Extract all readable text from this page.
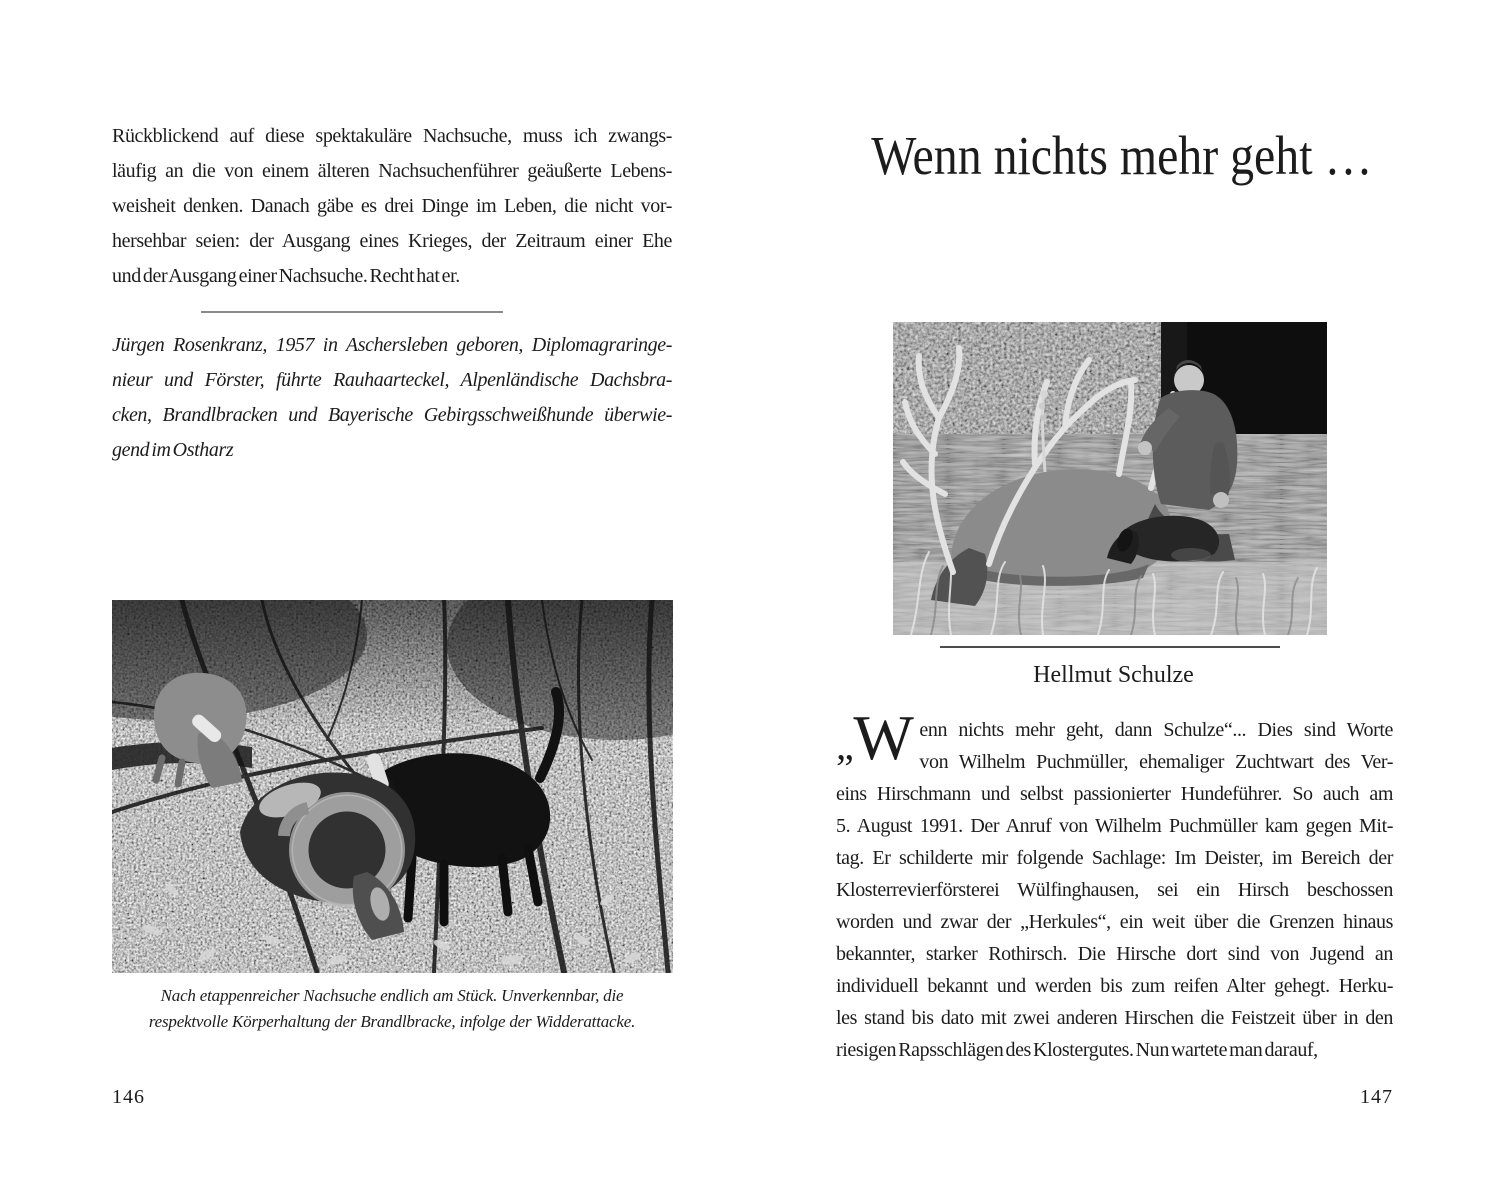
Rückblickend auf diese spektakuläre Nachsuche, muss ich zwangs-
läufig an die von einem älteren Nachsuchenführer geäußerte Lebens-
weisheit denken. Danach gäbe es drei Dinge im Leben, die nicht vor-
hersehbar seien: der Ausgang eines Krieges, der Zeitraum einer Ehe
und der Ausgang einer Nachsuche. Recht hat er.
Jürgen Rosenkranz, 1957 in Aschersleben geboren, Diplomagraringe-
nieur und Förster, führte Rauhaarteckel, Alpenländische Dachsbra-
cken, Brandlbracken und Bayerische Gebirgsschweißhunde überwie-
gend im Ostharz
Nach etappenreicher Nachsuche endlich am Stück. Unverkennbar, die
respektvolle Körperhaltung der Brandlbracke, infolge der Widderattacke.
146
Wenn nichts mehr geht …
Hellmut Schulze
„W enn nichts mehr geht, dann Schulze“... Dies sind Worte
von Wilhelm Puchmüller, ehemaliger Zuchtwart des Ver-
eins Hirschmann und selbst passionierter Hundeführer. So auch am
5. August 1991. Der Anruf von Wilhelm Puchmüller kam gegen Mit-
tag. Er schilderte mir folgende Sachlage: Im Deister, im Bereich der
Klosterrevierförsterei Wülfinghausen, sei ein Hirsch beschossen
worden und zwar der „Herkules“, ein weit über die Grenzen hinaus
bekannter, starker Rothirsch. Die Hirsche dort sind von Jugend an
individuell bekannt und werden bis zum reifen Alter gehegt. Herku-
les stand bis dato mit zwei anderen Hirschen die Feistzeit über in den
riesigen Rapsschlägen des Klostergutes. Nun wartete man darauf,
147
